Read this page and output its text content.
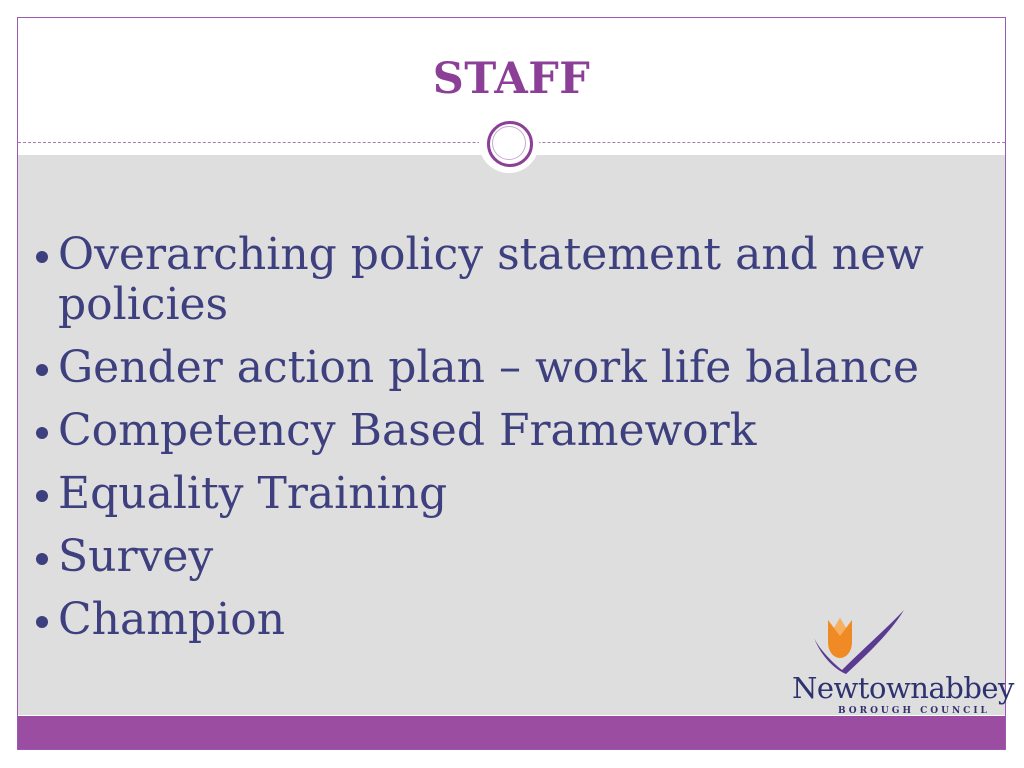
STAFF
Overarching policy statement and new policies
Gender action plan – work life balance
Competency Based Framework
Equality Training
Survey
Champion
Newtownabbey
BOROUGH COUNCIL
